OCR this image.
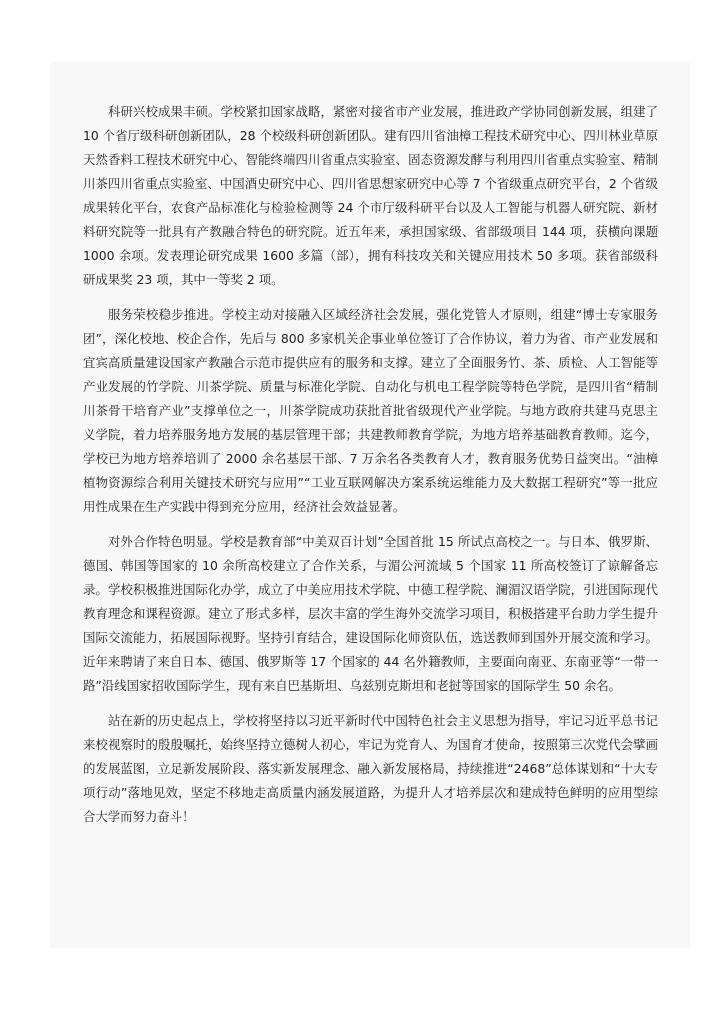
科研兴校成果丰硕。学校紧扣国家战略，紧密对接省市产业发展，推进政产学协同创新发展，组建了 10 个省厅级科研创新团队，28 个校级科研创新团队。建有四川省油樟工程技术研究中心、四川林业草原天然香料工程技术研究中心、智能终端四川省重点实验室、固态资源发酵与利用四川省重点实验室、精制川茶四川省重点实验室、中国酒史研究中心、四川省思想家研究中心等 7 个省级重点研究平台，2 个省级成果转化平台，农食产品标准化与检验检测等 24 个市厅级科研平台以及人工智能与机器人研究院、新材料研究院等一批具有产教融合特色的研究院。近五年来，承担国家级、省部级项目 144 项，获横向课题 1000 余项。发表理论研究成果 1600 多篇（部），拥有科技攻关和关键应用技术 50 多项。获省部级科研成果奖 23 项，其中一等奖 2 项。

服务荣校稳步推进。学校主动对接融入区域经济社会发展，强化党管人才原则，组建“博士专家服务团”，深化校地、校企合作，先后与 800 多家机关企事业单位签订了合作协议，着力为省、市产业发展和宜宾高质量建设国家产教融合示范市提供应有的服务和支撑。建立了全面服务竹、茶、质检、人工智能等产业发展的竹学院、川茶学院、质量与标准化学院、自动化与机电工程学院等特色学院，是四川省“精制川茶骨干培育产业”支撑单位之一，川茶学院成功获批首批省级现代产业学院。与地方政府共建马克思主义学院，着力培养服务地方发展的基层管理干部；共建教师教育学院，为地方培养基础教育教师。迄今，学校已为地方培养培训了 2000 余名基层干部、7 万余名各类教育人才，教育服务优势日益突出。“油樟植物资源综合利用关键技术研究与应用”“工业互联网解决方案系统运维能力及大数据工程研究”等一批应用性成果在生产实践中得到充分应用，经济社会效益显著。

对外合作特色明显。学校是教育部“中美双百计划”全国首批 15 所试点高校之一。与日本、俄罗斯、德国、韩国等国家的 10 余所高校建立了合作关系，与湄公河流域 5 个国家 11 所高校签订了谅解备忘录。学校积极推进国际化办学，成立了中美应用技术学院、中德工程学院、澜湄汉语学院，引进国际现代教育理念和课程资源。建立了形式多样，层次丰富的学生海外交流学习项目，积极搭建平台助力学生提升国际交流能力，拓展国际视野。坚持引育结合，建设国际化师资队伍，选送教师到国外开展交流和学习。近年来聘请了来自日本、德国、俄罗斯等 17 个国家的 44 名外籍教师，主要面向南亚、东南亚等“一带一路”沿线国家招收国际学生，现有来自巴基斯坦、乌兹别克斯坦和老挝等国家的国际学生 50 余名。

站在新的历史起点上，学校将坚持以习近平新时代中国特色社会主义思想为指导，牢记习近平总书记来校视察时的殷殷嘱托，始终坚持立德树人初心，牢记为党育人、为国育才使命，按照第三次党代会擘画的发展蓝图，立足新发展阶段、落实新发展理念、融入新发展格局，持续推进“2468”总体谋划和“十大专项行动”落地见效，坚定不移地走高质量内涵发展道路，为提升人才培养层次和建成特色鲜明的应用型综合大学而努力奋斗！
